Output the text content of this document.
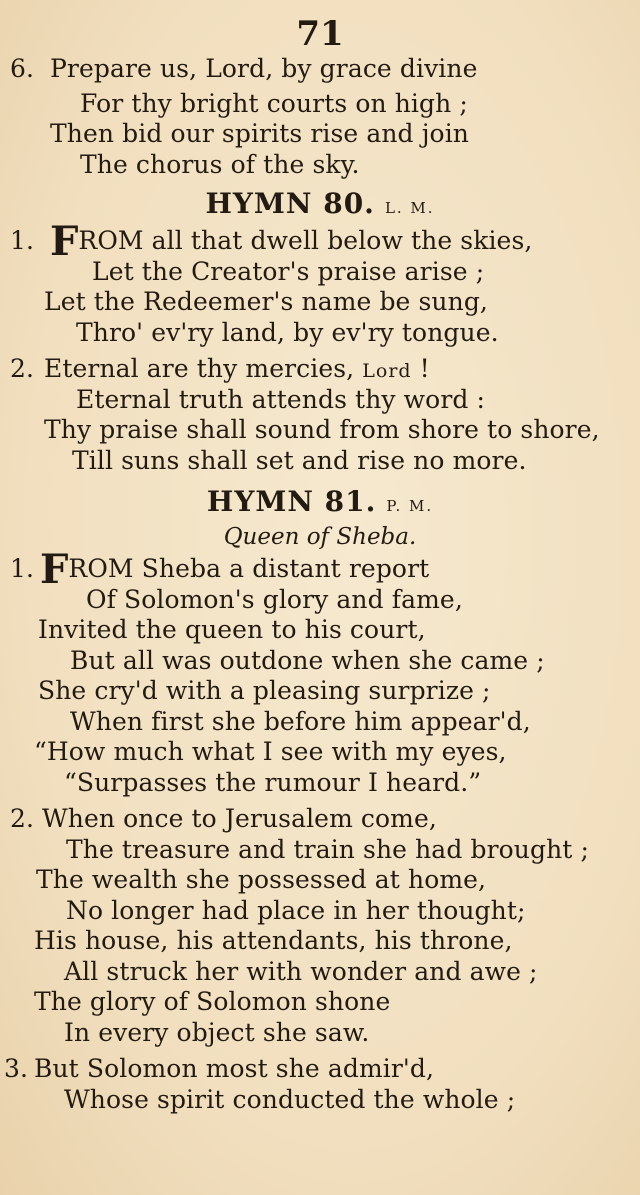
71
6. Prepare us, Lord, by grace divine
For thy bright courts on high ;
Then bid our spirits rise and join
The chorus of the sky.
HYMN 80. L. M.
1. FROM all that dwell below the skies,
Let the Creator's praise arise ;
Let the Redeemer's name be sung,
Thro' ev'ry land, by ev'ry tongue.
2. Eternal are thy mercies, Lord !
Eternal truth attends thy word :
Thy praise shall sound from shore to shore,
Till suns shall set and rise no more.
HYMN 81. P. M.
Queen of Sheba.
1. FROM Sheba a distant report
Of Solomon's glory and fame,
Invited the queen to his court,
But all was outdone when she came ;
She cry'd with a pleasing surprize ;
When first she before him appear'd,
“How much what I see with my eyes,
“Surpasses the rumour I heard.”
2. When once to Jerusalem come,
The treasure and train she had brought ;
The wealth she possessed at home,
No longer had place in her thought;
His house, his attendants, his throne,
All struck her with wonder and awe ;
The glory of Solomon shone
In every object she saw.
3. But Solomon most she admir'd,
Whose spirit conducted the whole ;
